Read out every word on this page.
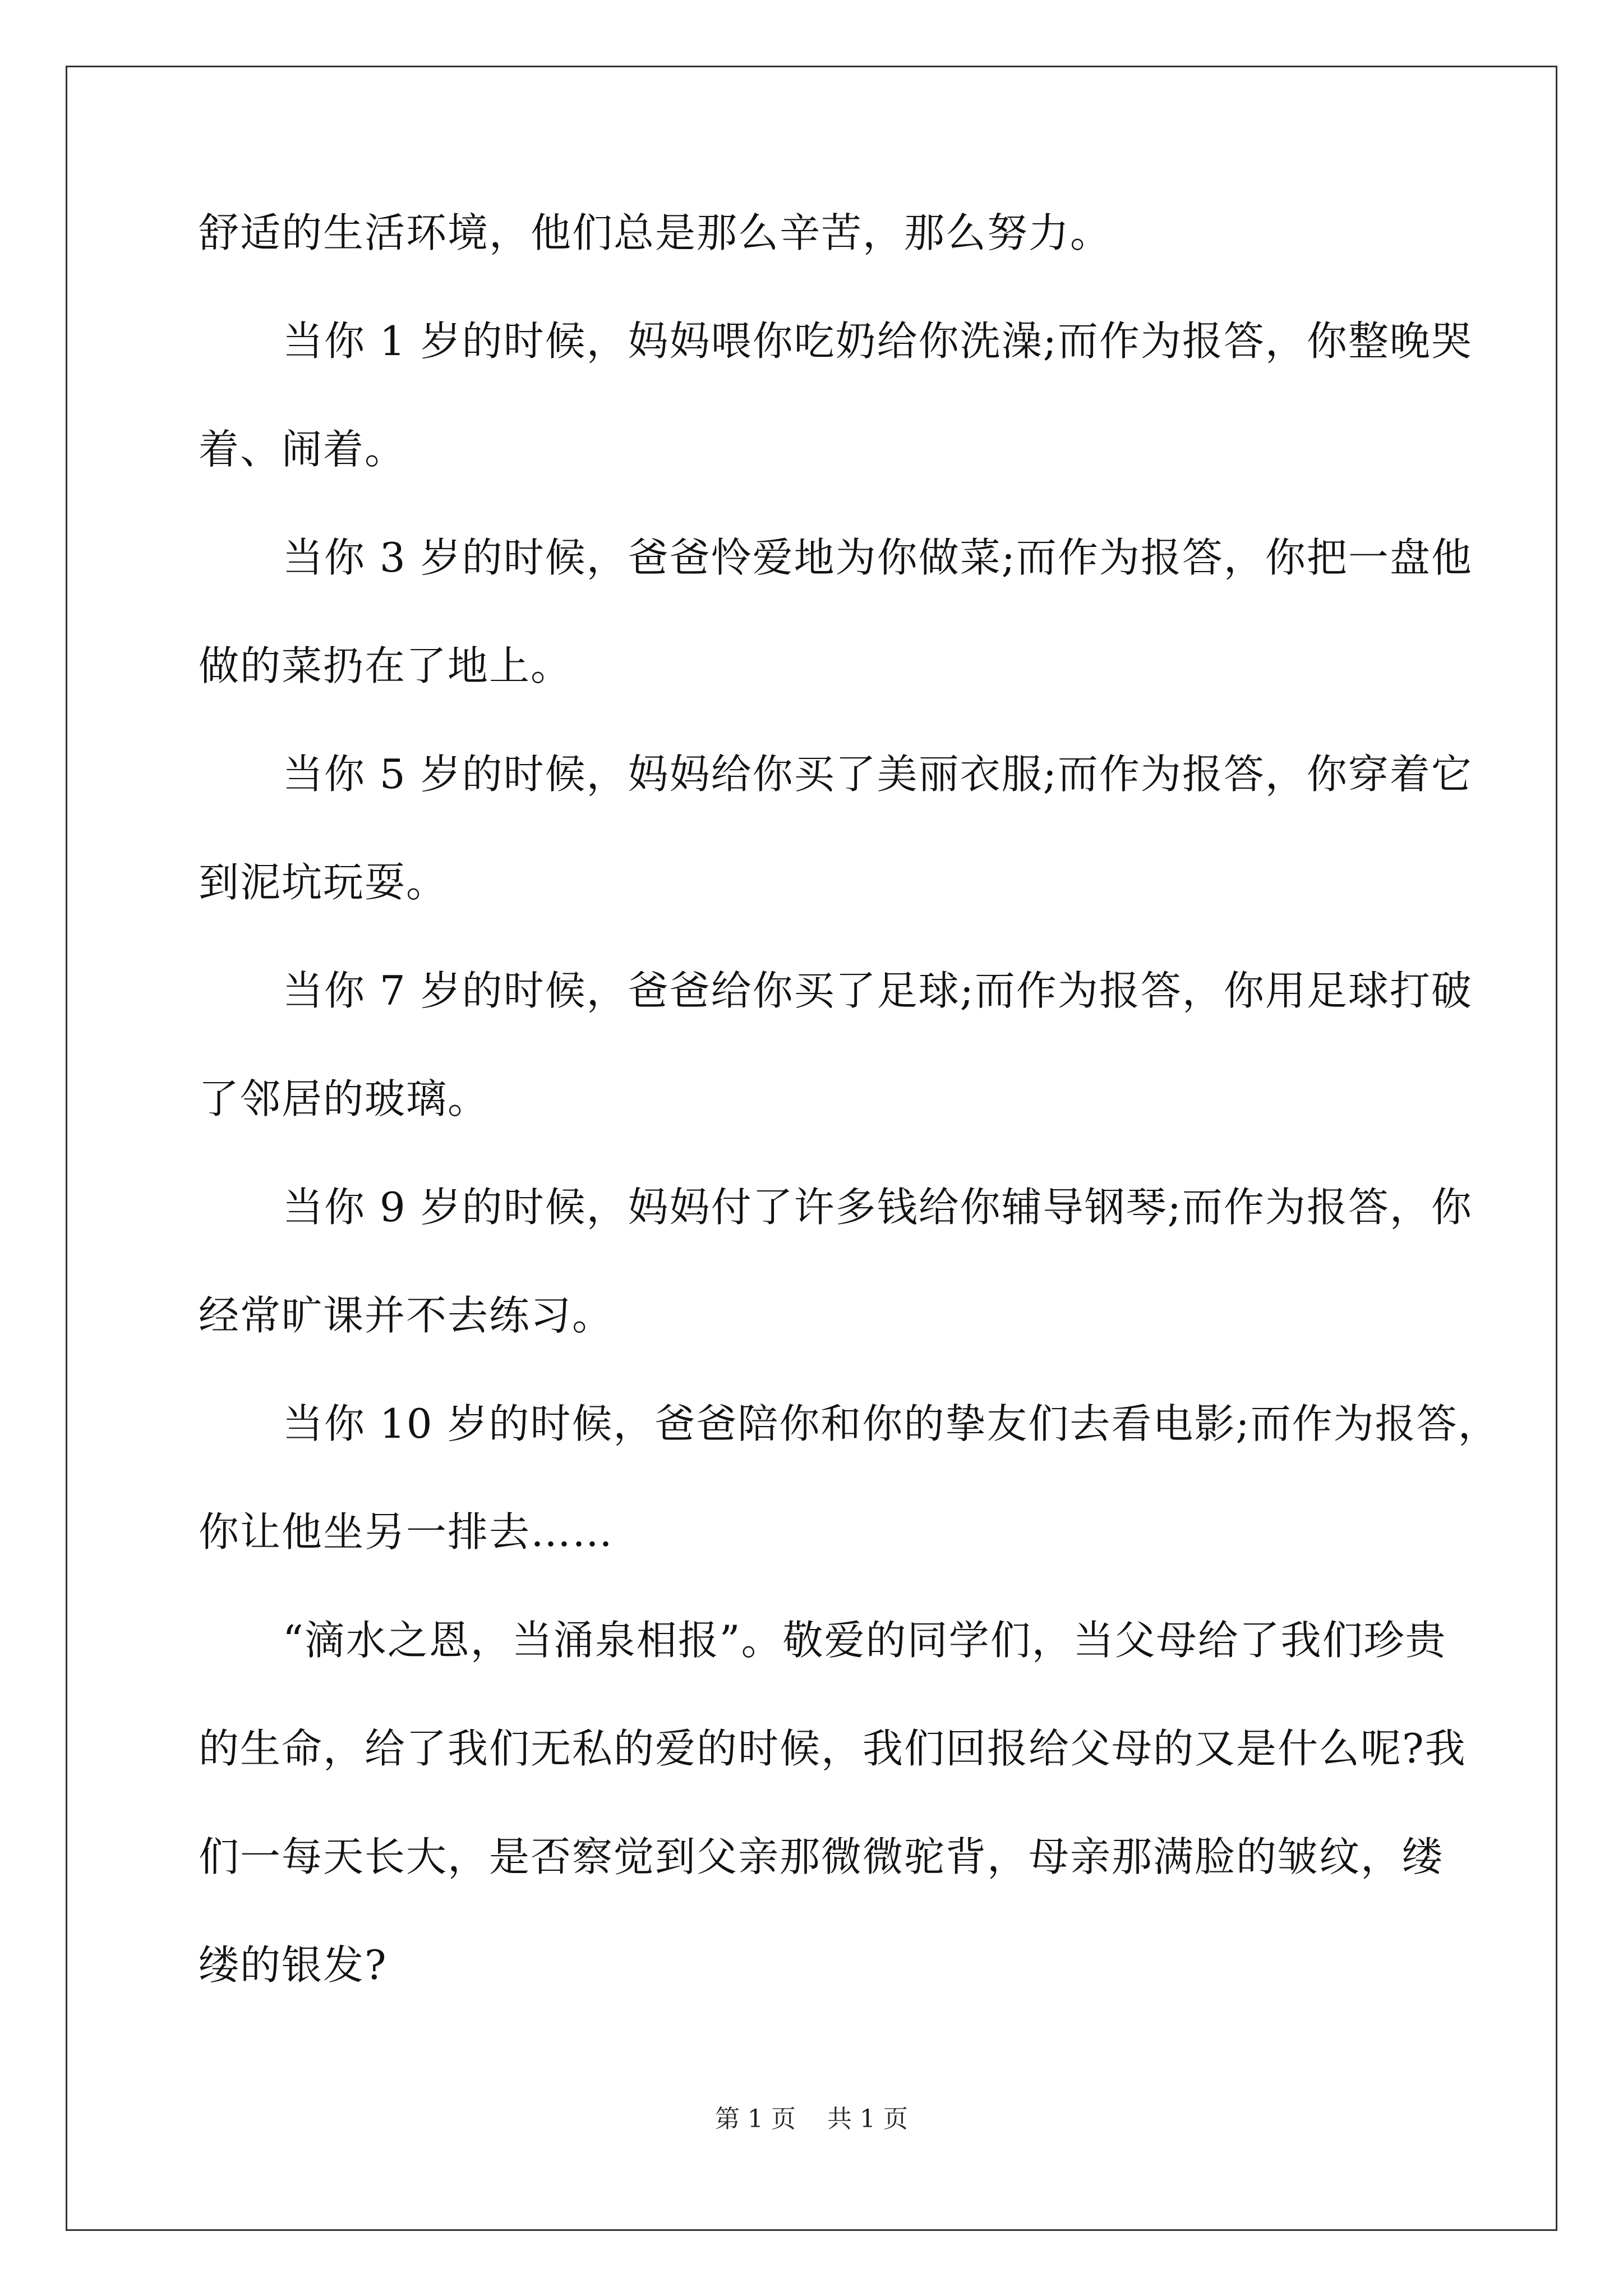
舒适的生活环境，他们总是那么辛苦，那么努力。
当你 1 岁的时候，妈妈喂你吃奶给你洗澡;而作为报答，你整晚哭
着、闹着。
当你 3 岁的时候，爸爸怜爱地为你做菜;而作为报答，你把一盘他
做的菜扔在了地上。
当你 5 岁的时候，妈妈给你买了美丽衣服;而作为报答，你穿着它
到泥坑玩耍。
当你 7 岁的时候，爸爸给你买了足球;而作为报答，你用足球打破
了邻居的玻璃。
当你 9 岁的时候，妈妈付了许多钱给你辅导钢琴;而作为报答，你
经常旷课并不去练习。
当你 10 岁的时候，爸爸陪你和你的挚友们去看电影;而作为报答，
你让他坐另一排去……
“滴水之恩，当涌泉相报”。敬爱的同学们，当父母给了我们珍贵
的生命，给了我们无私的爱的时候，我们回报给父母的又是什么呢?我
们一每天长大，是否察觉到父亲那微微驼背，母亲那满脸的皱纹，缕
缕的银发?
第 1 页 共 1 页
